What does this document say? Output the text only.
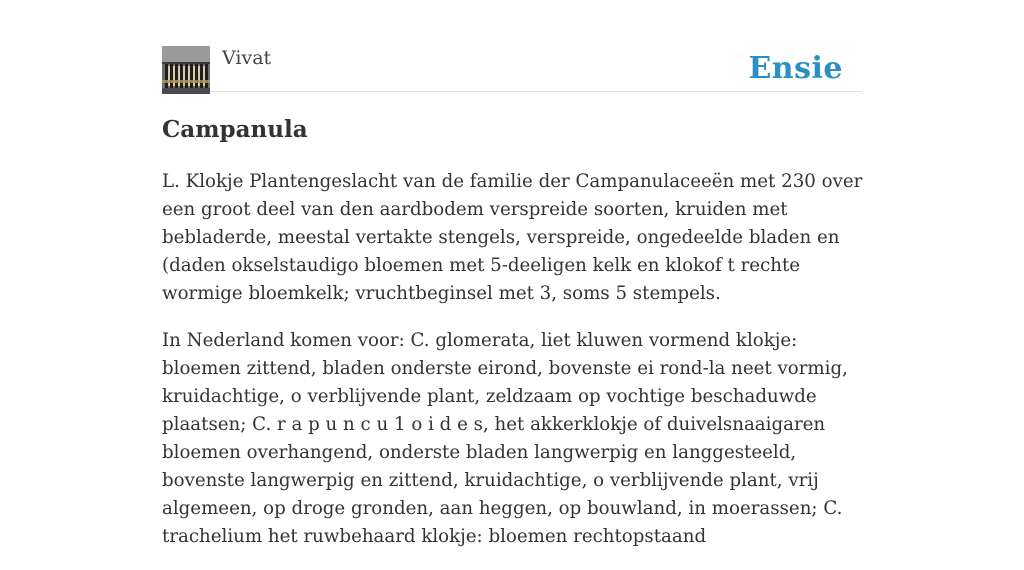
Vivat	Ensie
Campanula

L. Klokje Plantengeslacht van de familie der Campanulaceeën met 230 over een groot deel van den aardbodem verspreide soorten, kruiden met bebladerde, meestal vertakte stengels, verspreide, ongedeelde bladen en (daden okselstaudigo bloemen met 5-deeligen kelk en klokof t rechte wormige bloemkelk; vruchtbeginsel met 3, soms 5 stempels.

In Nederland komen voor: C. glomerata, liet kluwen vormend klokje: bloemen zittend, bladen onderste eirond, bovenste ei rond-la neet vormig, kruidachtige, o verblijvende plant, zeldzaam op vochtige beschaduwde plaatsen; C. r a p u n c u 1 o i d e s, het akkerklokje of duivelsnaaigaren bloemen overhangend, onderste bladen langwerpig en langgesteeld, bovenste langwerpig en zittend, kruidachtige, o verblijvende plant, vrij algemeen, op droge gronden, aan heggen, op bouwland, in moerassen; C. trachelium het ruwbehaard klokje: bloemen rechtopstaand
